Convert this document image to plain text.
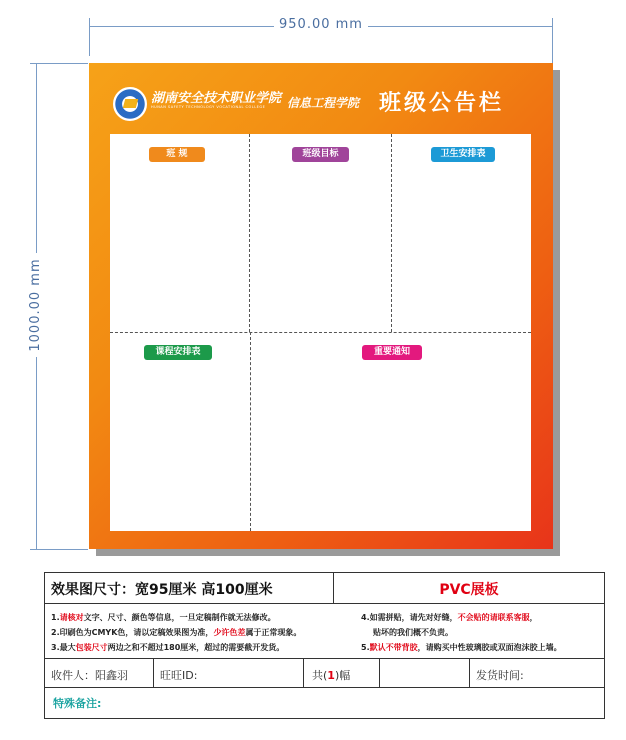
950.00 mm
1000.00 mm
湖南安全技术职业学院
HUNAN SAFETY TECHNOLOGY VOCATIONAL COLLEGE 信息工程学院 班级公告栏
班 规	班级目标	卫生安排表
课程安排表	重要通知
效果图尺寸：宽95厘米 高100厘米	PVC展板
1.请核对文字、尺寸、颜色等信息，一旦定稿制作就无法修改。
2.印刷色为CMYK色，请以定稿效果图为准，少许色差属于正常现象。
3.最大包装尺寸两边之和不超过180厘米，超过的需要截开发货。
4.如需拼贴，请先对好缝，不会贴的请联系客服，
贴坏的我们概不负责。
5.默认不带背胶，请购买中性玻璃胶或双面泡沫胶上墙。
收件人：阳鑫羽	旺旺ID:	共(1)幅	发货时间:
特殊备注:
